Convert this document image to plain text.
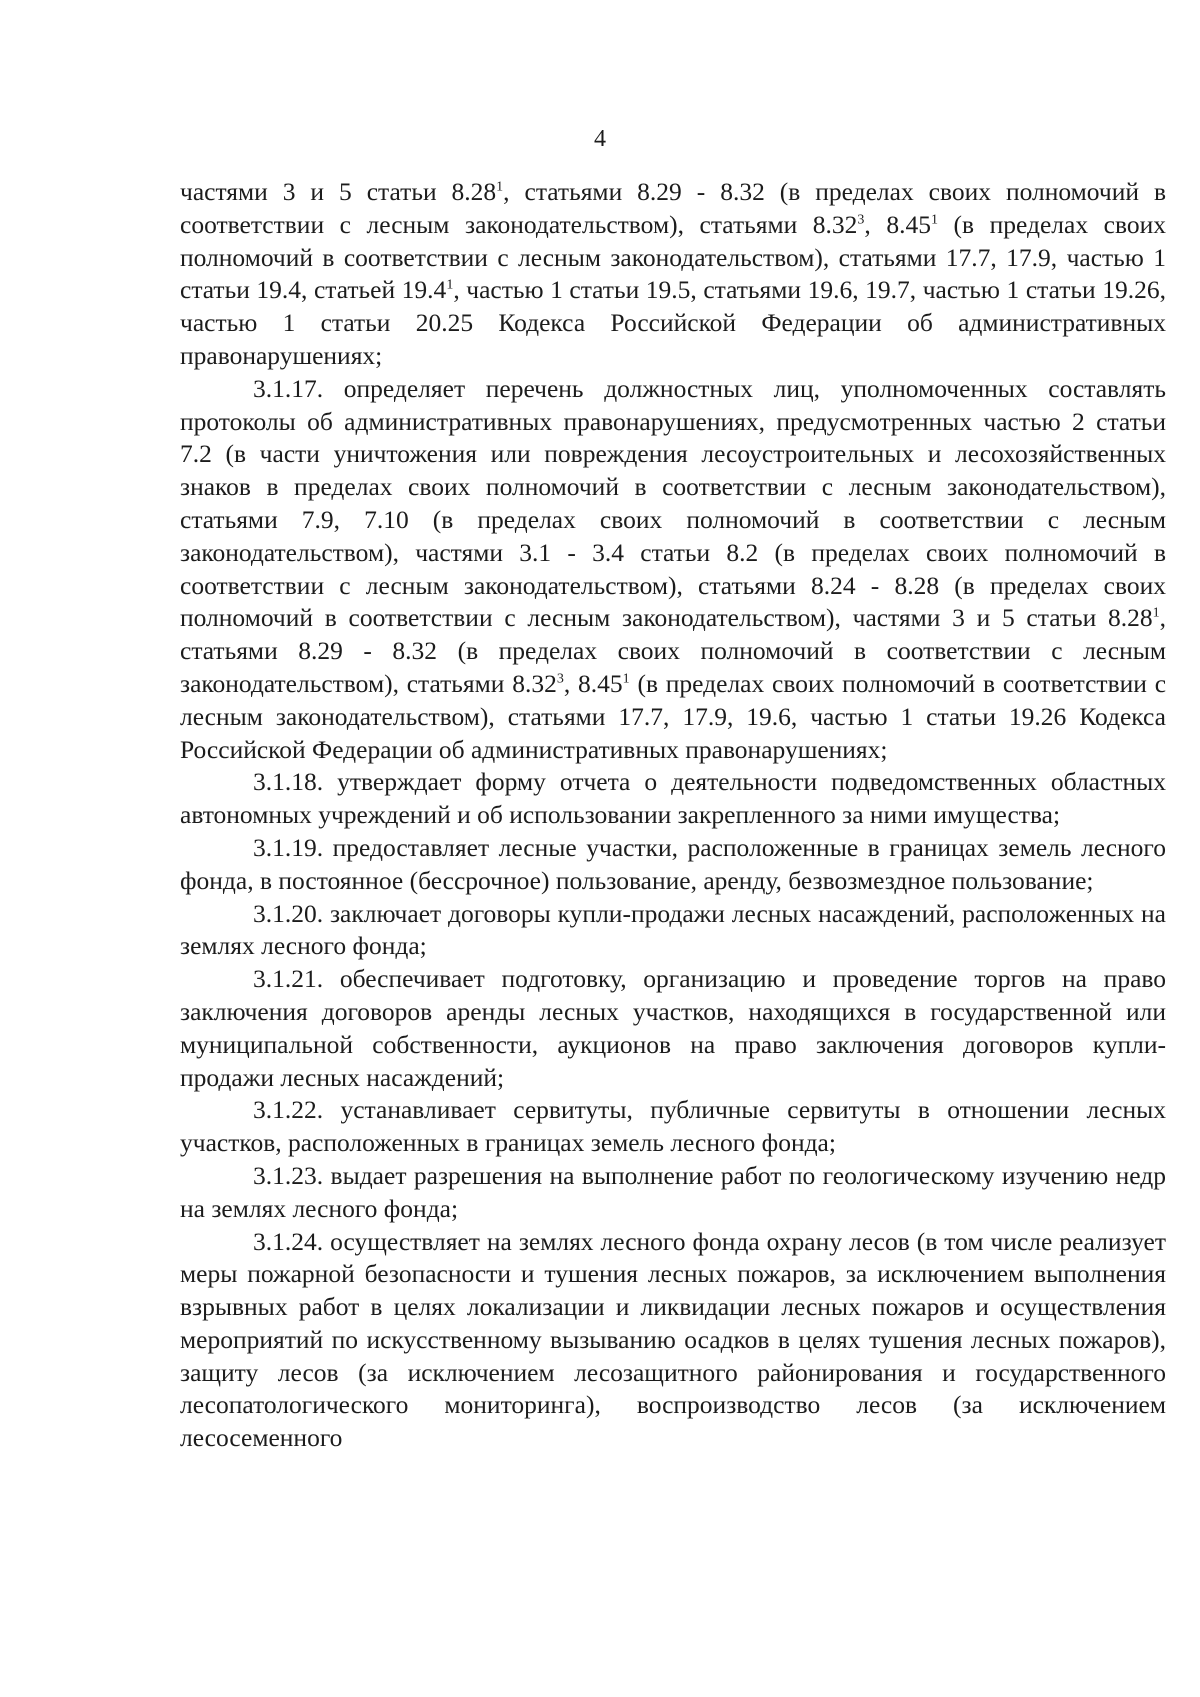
4

частями 3 и 5 статьи 8.28$^1$, статьями 8.29 - 8.32 (в пределах своих полномочий в соответствии с лесным законодательством), статьями 8.32$^3$, 8.45$^1$ (в пределах своих полномочий в соответствии с лесным законодательством), статьями 17.7, 17.9, частью 1 статьи 19.4, статьей 19.4$^1$, частью 1 статьи 19.5, статьями 19.6, 19.7, частью 1 статьи 19.26, частью 1 статьи 20.25 Кодекса Российской Федерации об административных правонарушениях;

3.1.17. определяет перечень должностных лиц, уполномоченных составлять протоколы об административных правонарушениях, предусмотренных частью 2 статьи 7.2 (в части уничтожения или повреждения лесоустроительных и лесохозяйственных знаков в пределах своих полномочий в соответствии с лесным законодательством), статьями 7.9, 7.10 (в пределах своих полномочий в соответствии с лесным законодательством), частями 3.1 - 3.4 статьи 8.2 (в пределах своих полномочий в соответствии с лесным законодательством), статьями 8.24 - 8.28 (в пределах своих полномочий в соответствии с лесным законодательством), частями 3 и 5 статьи 8.28$^1$, статьями 8.29 - 8.32 (в пределах своих полномочий в соответствии с лесным законодательством), статьями 8.32$^3$, 8.45$^1$ (в пределах своих полномочий в соответствии с лесным законодательством), статьями 17.7, 17.9, 19.6, частью 1 статьи 19.26 Кодекса Российской Федерации об административных правонарушениях;

3.1.18. утверждает форму отчета о деятельности подведомственных областных автономных учреждений и об использовании закрепленного за ними имущества;

3.1.19. предоставляет лесные участки, расположенные в границах земель лесного фонда, в постоянное (бессрочное) пользование, аренду, безвозмездное пользование;

3.1.20. заключает договоры купли-продажи лесных насаждений, расположенных на землях лесного фонда;

3.1.21. обеспечивает подготовку, организацию и проведение торгов на право заключения договоров аренды лесных участков, находящихся в государственной или муниципальной собственности, аукционов на право заключения договоров купли-продажи лесных насаждений;

3.1.22. устанавливает сервитуты, публичные сервитуты в отношении лесных участков, расположенных в границах земель лесного фонда;

3.1.23. выдает разрешения на выполнение работ по геологическому изучению недр на землях лесного фонда;

3.1.24. осуществляет на землях лесного фонда охрану лесов (в том числе реализует меры пожарной безопасности и тушения лесных пожаров, за исключением выполнения взрывных работ в целях локализации и ликвидации лесных пожаров и осуществления мероприятий по искусственному вызыванию осадков в целях тушения лесных пожаров), защиту лесов (за исключением лесозащитного районирования и государственного лесопатологического мониторинга), воспроизводство лесов (за исключением лесосеменного
